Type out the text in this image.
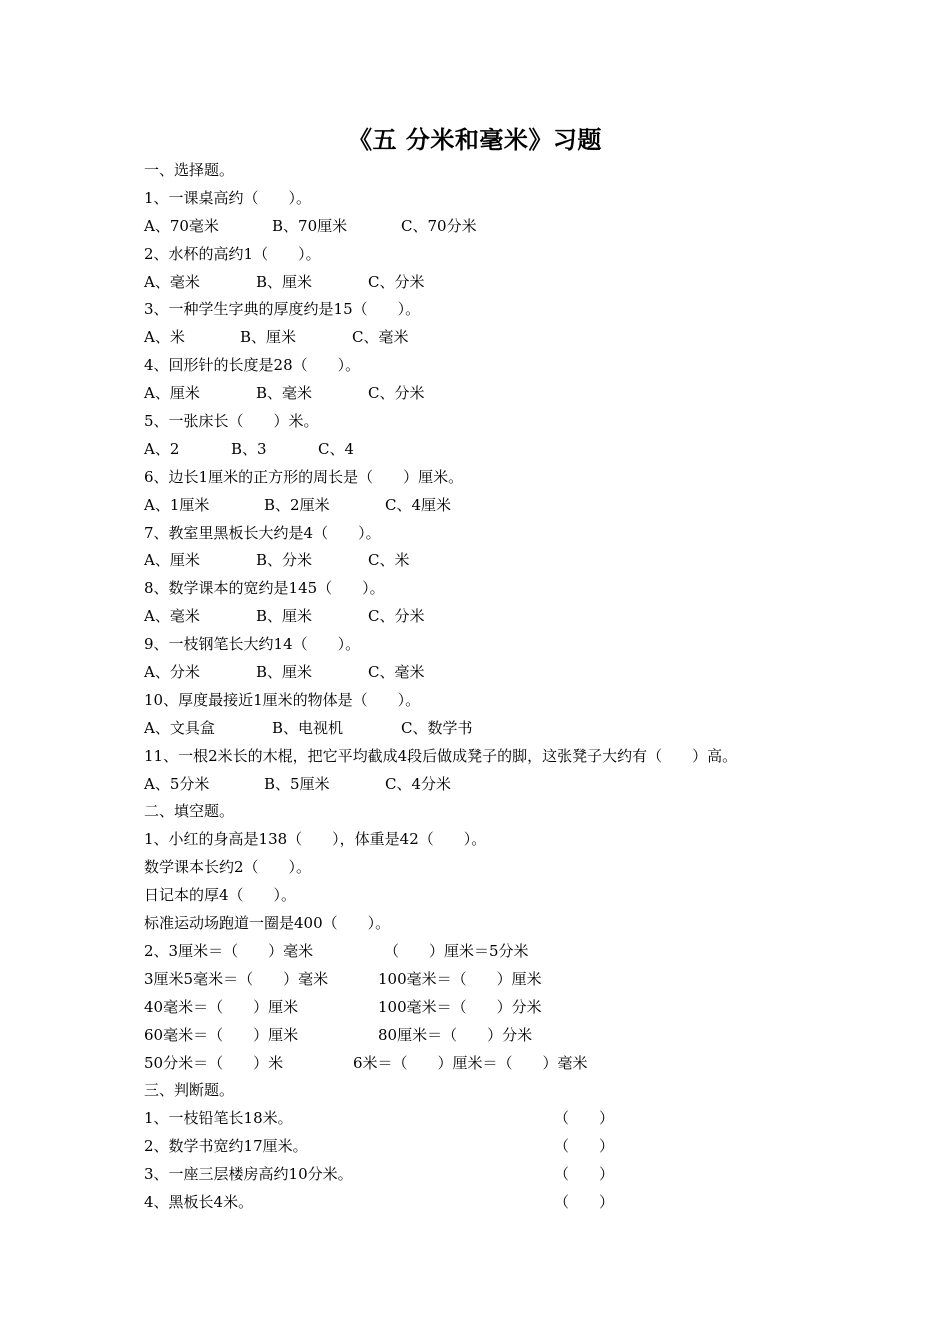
《五 分米和毫米》习题
一、选择题。
1、一课桌高约（　　）。
A、70毫米	B、70厘米	C、70分米
2、水杯的高约1（　　）。
A、毫米	B、厘米	C、分米
3、一种学生字典的厚度约是15（　　）。
A、米	B、厘米	C、毫米
4、回形针的长度是28（　　）。
A、厘米	B、毫米	C、分米
5、一张床长（　　）米。
A、2	B、3	C、4
6、边长1厘米的正方形的周长是（　　）厘米。
A、1厘米	B、2厘米	C、4厘米
7、教室里黑板长大约是4（　　）。
A、厘米	B、分米	C、米
8、数学课本的宽约是145（　　）。
A、毫米	B、厘米	C、分米
9、一枝钢笔长大约14（　　）。
A、分米	B、厘米	C、毫米
10、厚度最接近1厘米的物体是（　　）。
A、文具盒	B、电视机	C、数学书
11、一根2米长的木棍，把它平均截成4段后做成凳子的脚，这张凳子大约有（　　）高。
A、5分米	B、5厘米	C、4分米
二、填空题。
1、小红的身高是138（　　），体重是42（　　）。
数学课本长约2（　　）。
日记本的厚4（　　）。
标准运动场跑道一圈是400（　　）。
2、3厘米＝（　　）毫米	（　　）厘米＝5分米
3厘米5毫米＝（　　）毫米	100毫米＝（　　）厘米
40毫米＝（　　）厘米	100毫米＝（　　）分米
60毫米＝（　　）厘米	80厘米＝（　　）分米
50分米＝（　　）米	6米＝（　　）厘米＝（　　）毫米
三、判断题。
1、一枝铅笔长18米。	（　　）
2、数学书宽约17厘米。	（　　）
3、一座三层楼房高约10分米。	（　　）
4、黑板长4米。	（　　）
